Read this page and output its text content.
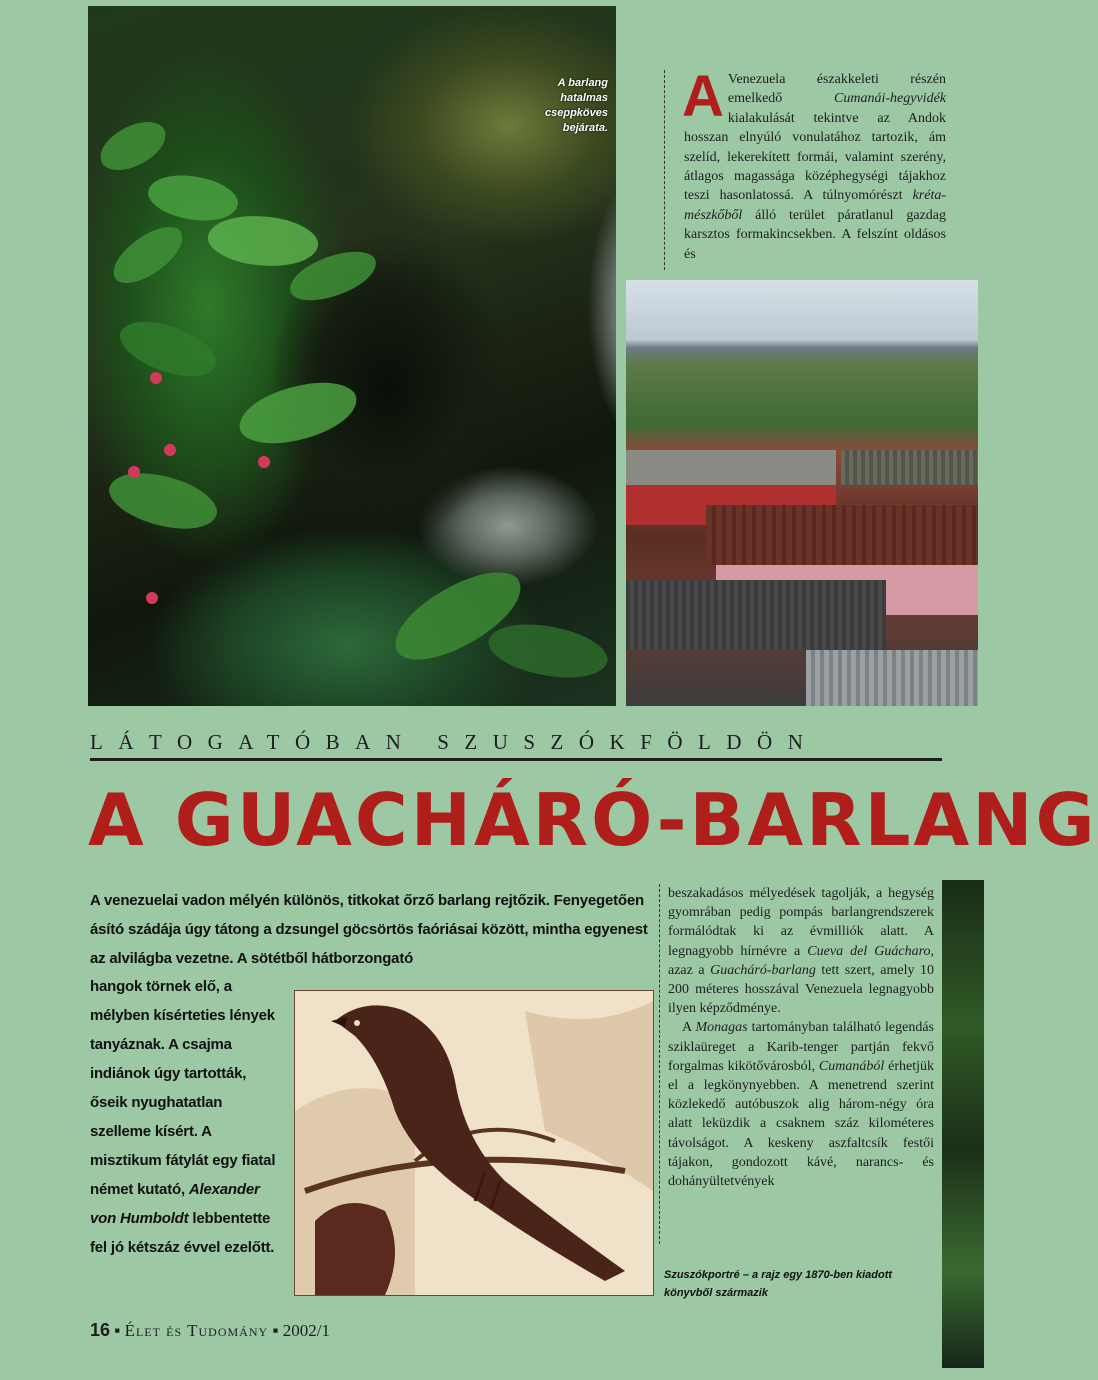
A barlang
hatalmas
cseppköves
bejárata. A Venezuela északkeleti részén emelkedő Cumanái-hegyvidék kialakulását tekintve az Andok hosszan elnyúló vonulatához tartozik, ám szelíd, lekerekített formái, valamint szerény, átlagos magassága középhegységi tájakhoz teszi hasonlatossá. A túlnyomórészt kréta-mészkőből álló terület páratlanul gazdag karsztos formakincsekben. A felszínt oldásos és
LÁTOGATÓBAN SZUSZÓKFÖLDÖN
A GUACHÁRÓ-BARLANG
A venezuelai vadon mélyén különös, titkokat őrző barlang rejtőzik. Fenyegetően ásító szádája úgy tátong a dzsungel göcsörtös faóriásai között, mintha egyenest az alvilágba vezetne. A sötétből hátborzongató
hangok törnek elő, a mélyben kísérteties lények tanyáznak. A csajma indiánok úgy tartották, őseik nyughatatlan szelleme kísért. A misztikum fátylát egy fiatal német kutató, Alexander von Humboldt lebbentette fel jó kétszáz évvel ezelőtt.
Szuszókportré – a rajz egy 1870-ben kiadott könyvből származik

beszakadásos mélyedések tagolják, a hegység gyomrában pedig pompás barlangrendszerek formálódtak ki az évmilliók alatt. A legnagyobb hírnévre a Cueva del Guácharo, azaz a Guacháró-barlang tett szert, amely 10 200 méteres hosszával Venezuela legnagyobb ilyen képződménye.

A Monagas tartományban található legendás sziklaüreget a Karib-tenger partján fekvő forgalmas kikötővárosból, Cumanából érhetjük el a legkönynyebben. A menetrend szerint közlekedő autóbuszok alig három-négy óra alatt leküzdik a csaknem száz kilométeres távolságot. A keskeny aszfaltcsík festői tájakon, gondozott kávé, narancs- és dohányültetvények

16 ▪ Élet és Tudomány ▪ 2002/1
